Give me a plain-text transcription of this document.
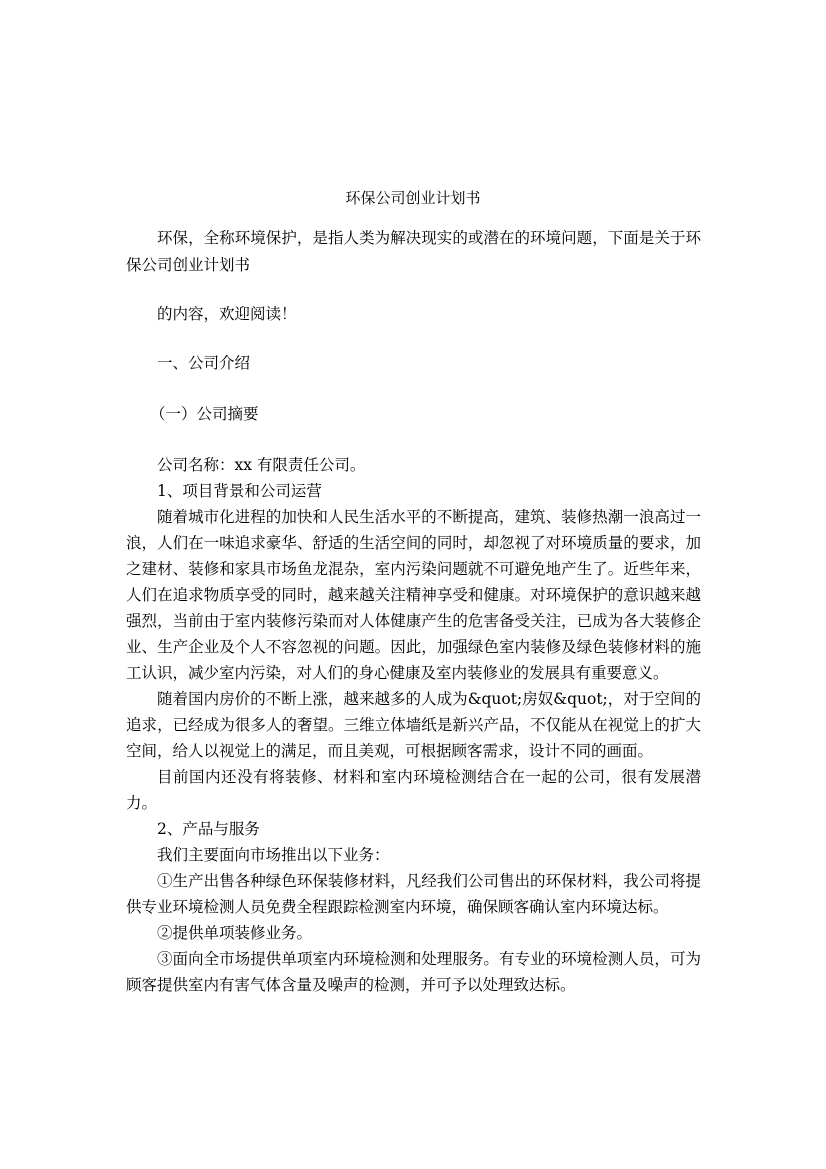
环保公司创业计划书

环保，全称环境保护，是指人类为解决现实的或潜在的环境问题，下面是关于环保公司创业计划书

的内容，欢迎阅读！

一、公司介绍

（一）公司摘要

公司名称：xx 有限责任公司。

1、项目背景和公司运营

随着城市化进程的加快和人民生活水平的不断提高，建筑、装修热潮一浪高过一浪，人们在一味追求豪华、舒适的生活空间的同时，却忽视了对环境质量的要求，加之建材、装修和家具市场鱼龙混杂，室内污染问题就不可避免地产生了。近些年来，人们在追求物质享受的同时，越来越关注精神享受和健康。对环境保护的意识越来越强烈，当前由于室内装修污染而对人体健康产生的危害备受关注，已成为各大装修企业、生产企业及个人不容忽视的问题。因此，加强绿色室内装修及绿色装修材料的施工认识，减少室内污染，对人们的身心健康及室内装修业的发展具有重要意义。

随着国内房价的不断上涨，越来越多的人成为&quot;房奴&quot;，对于空间的追求，已经成为很多人的奢望。三维立体墙纸是新兴产品，不仅能从在视觉上的扩大空间，给人以视觉上的满足，而且美观，可根据顾客需求，设计不同的画面。

目前国内还没有将装修、材料和室内环境检测结合在一起的公司，很有发展潜力。

2、产品与服务

我们主要面向市场推出以下业务：

①生产出售各种绿色环保装修材料，凡经我们公司售出的环保材料，我公司将提供专业环境检测人员免费全程跟踪检测室内环境，确保顾客确认室内环境达标。

②提供单项装修业务。

③面向全市场提供单项室内环境检测和处理服务。有专业的环境检测人员，可为顾客提供室内有害气体含量及噪声的检测，并可予以处理致达标。
